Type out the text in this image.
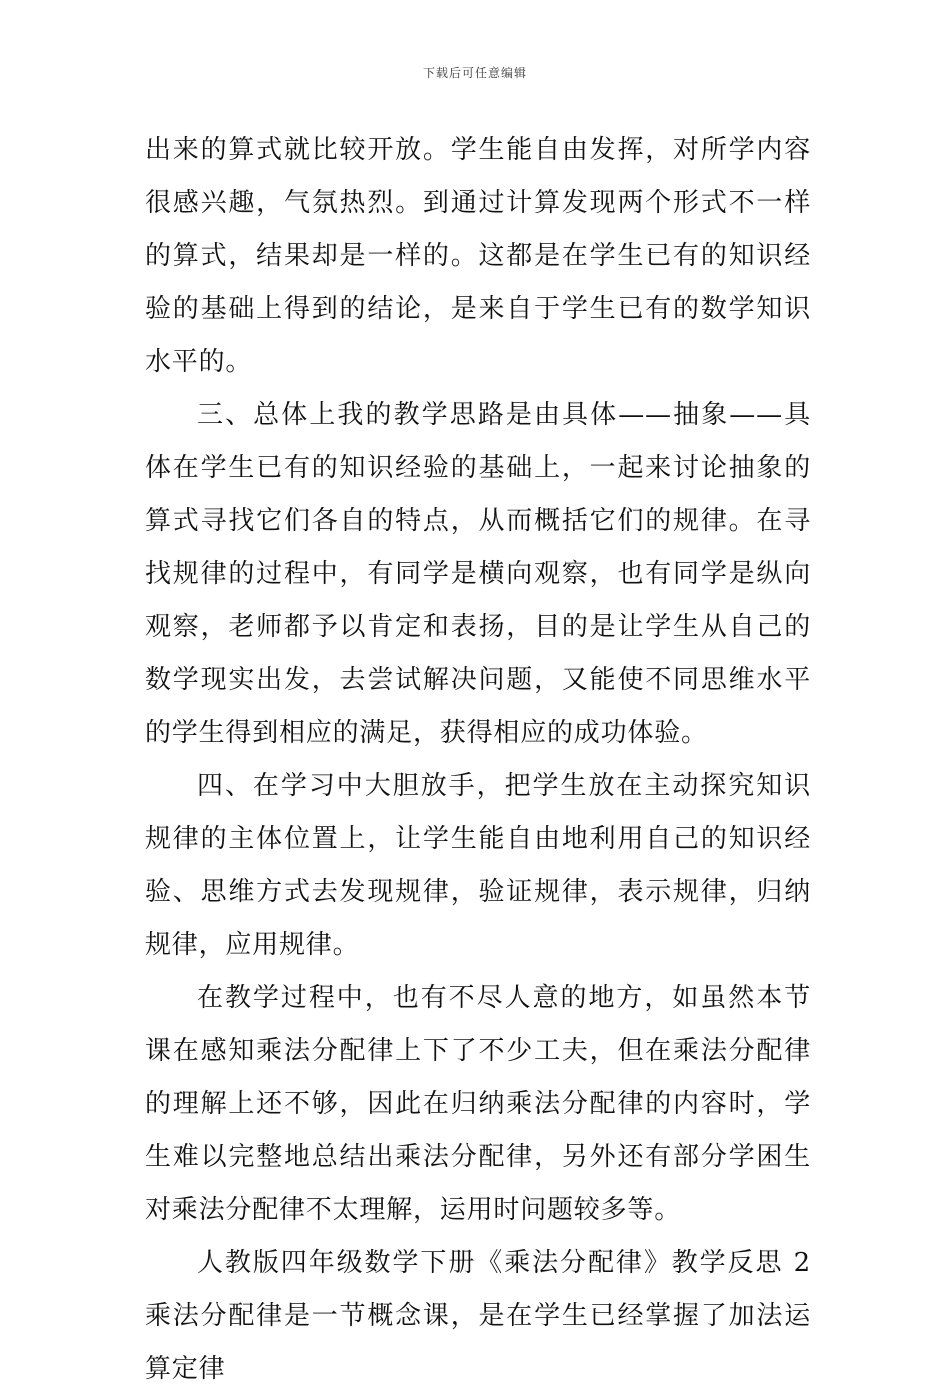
下载后可任意编辑

出来的算式就比较开放。学生能自由发挥，对所学内容很感兴趣，气氛热烈。到通过计算发现两个形式不一样的算式，结果却是一样的。这都是在学生已有的知识经验的基础上得到的结论，是来自于学生已有的数学知识水平的。

三、总体上我的教学思路是由具体——抽象——具体在学生已有的知识经验的基础上，一起来讨论抽象的算式寻找它们各自的特点，从而概括它们的规律。在寻找规律的过程中，有同学是横向观察，也有同学是纵向观察，老师都予以肯定和表扬，目的是让学生从自己的数学现实出发，去尝试解决问题，又能使不同思维水平的学生得到相应的满足，获得相应的成功体验。

四、在学习中大胆放手，把学生放在主动探究知识规律的主体位置上，让学生能自由地利用自己的知识经验、思维方式去发现规律，验证规律，表示规律，归纳规律，应用规律。

在教学过程中，也有不尽人意的地方，如虽然本节课在感知乘法分配律上下了不少工夫，但在乘法分配律的理解上还不够，因此在归纳乘法分配律的内容时，学生难以完整地总结出乘法分配律，另外还有部分学困生对乘法分配律不太理解，运用时问题较多等。

人教版四年级数学下册《乘法分配律》教学反思 2 乘法分配律是一节概念课，是在学生已经掌握了加法运算定律
